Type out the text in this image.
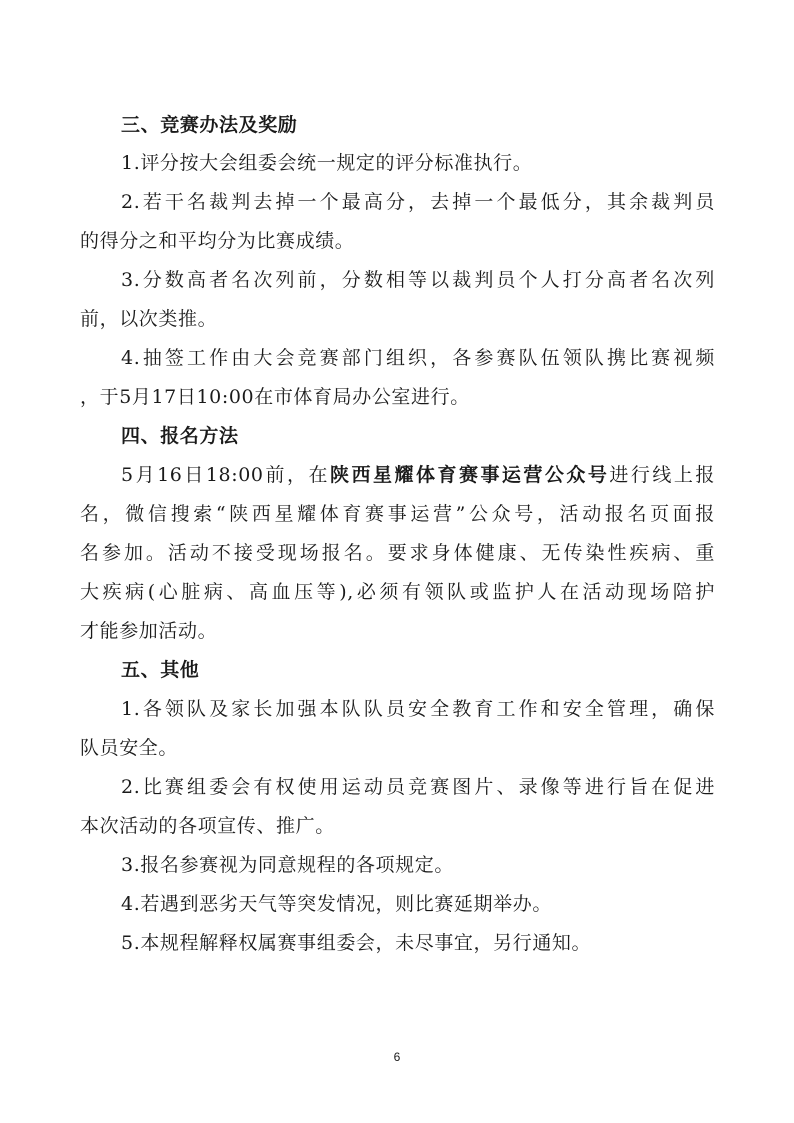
三、竞赛办法及奖励
1.评分按大会组委会统一规定的评分标准执行。
2.若干名裁判去掉一个最高分，去掉一个最低分，其余裁判员
的得分之和平均分为比赛成绩。
3.分数高者名次列前，分数相等以裁判员个人打分高者名次列
前，以次类推。
4.抽签工作由大会竞赛部门组织，各参赛队伍领队携比赛视频
，于5月17日10:00在市体育局办公室进行。
四、报名方法
5月16日18:00前，在陕西星耀体育赛事运营公众号进行线上报
名，微信搜索“陕西星耀体育赛事运营”公众号，活动报名页面报
名参加。活动不接受现场报名。要求身体健康、无传染性疾病、重
大疾病(心脏病、高血压等),必须有领队或监护人在活动现场陪护
才能参加活动。
五、其他
1.各领队及家长加强本队队员安全教育工作和安全管理，确保
队员安全。
2.比赛组委会有权使用运动员竞赛图片、录像等进行旨在促进
本次活动的各项宣传、推广。
3.报名参赛视为同意规程的各项规定。
4.若遇到恶劣天气等突发情况，则比赛延期举办。
5.本规程解释权属赛事组委会，未尽事宜，另行通知。
6
